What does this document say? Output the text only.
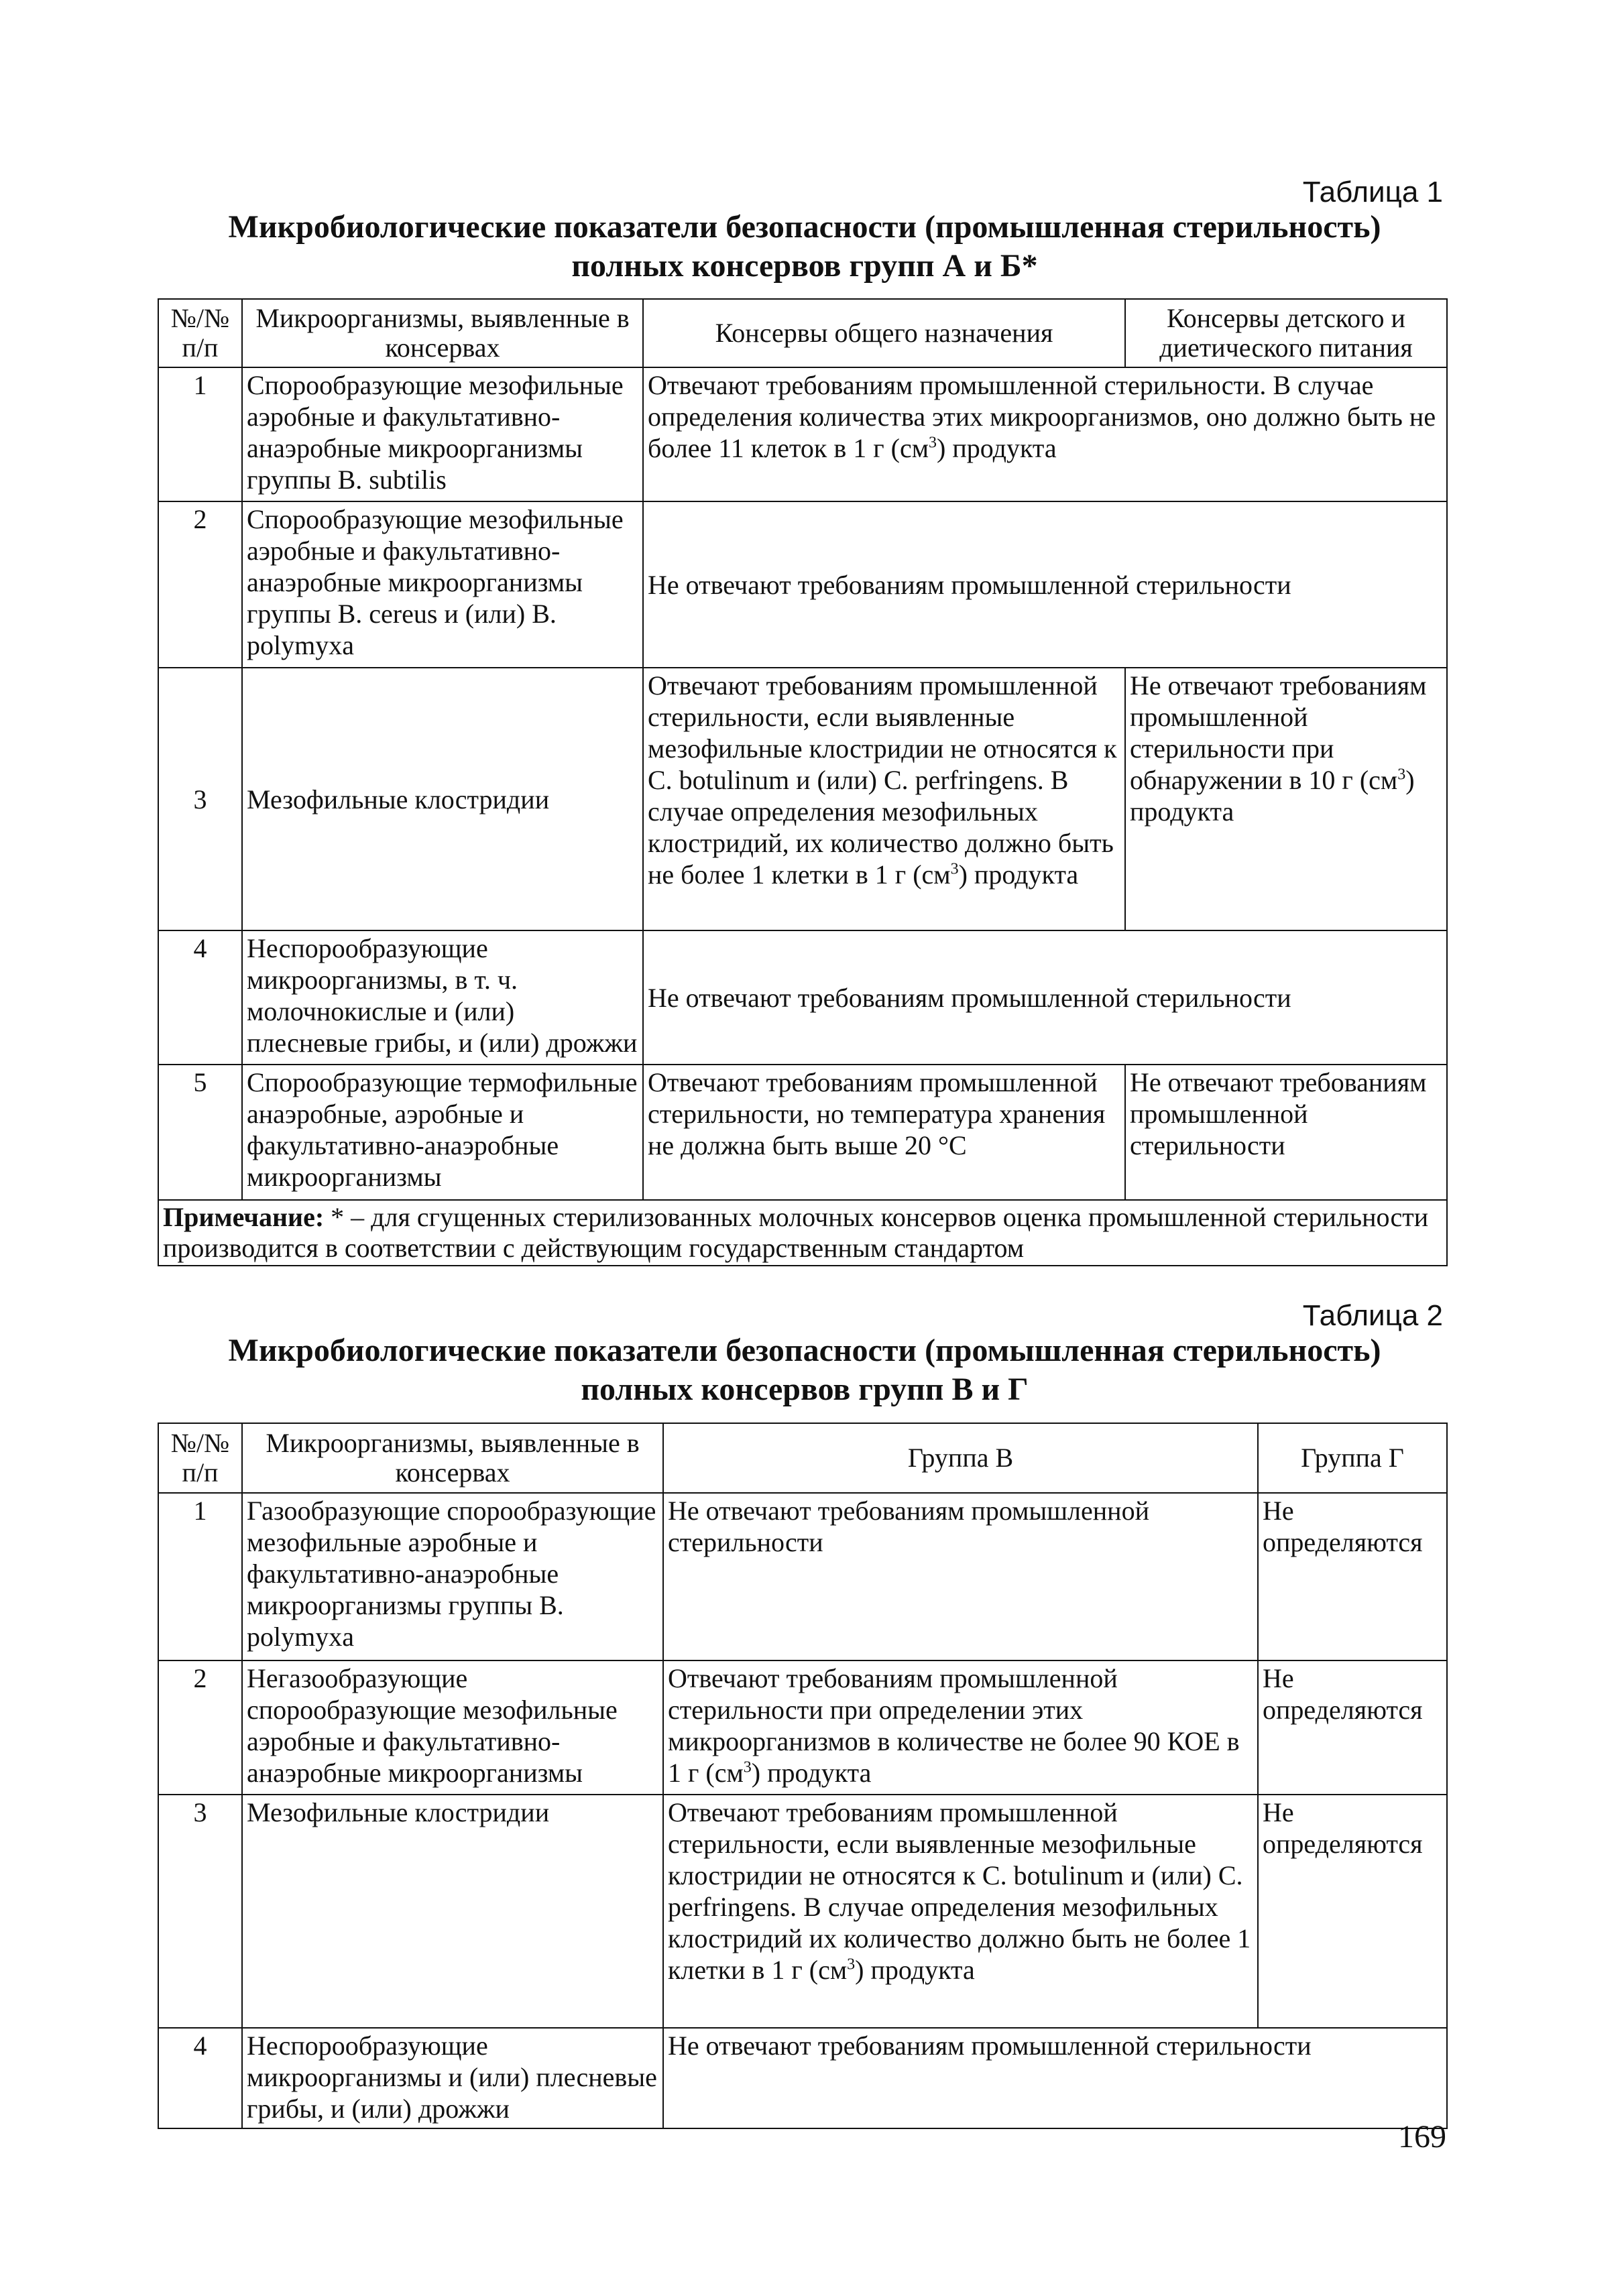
Таблица 1
Микробиологические показатели безопасности (промышленная стерильность)
полных консервов групп А и Б*
№/№ п/п	Микроорганизмы, выявленные в консервах	Консервы общего назначения	Консервы детского и диетического питания
1	Спорообразующие мезофильные аэробные и факультативно-анаэробные микроорганизмы группы B. subtilis	Отвечают требованиям промышленной стерильности. В случае определения количества этих микроорганизмов, оно должно быть не более 11 клеток в 1 г $(см^3)$ продукта	
2	Спорообразующие мезофильные аэробные и факультативно-анаэробные микроорганизмы группы B. cereus и (или) B. polymyxa	Не отвечают требованиям промышленной стерильности	
3	Мезофильные клостридии	Отвечают требованиям промышленной стерильности, если выявленные мезофильные клостридии не относятся к C. botulinum и (или) C. perfringens. В случае определения мезофильных клостридий, их количество должно быть не более 1 клетки в 1 г $(см^3)$ продукта	Не отвечают требованиям промышленной стерильности при обнаружении в 10 г $(см^3)$ продукта
4	Неспорообразующие микроорганизмы, в т. ч. молочнокислые и (или) плесневые грибы, и (или) дрожжи	Не отвечают требованиям промышленной стерильности	
5	Спорообразующие термофильные анаэробные, аэробные и факультативно-анаэробные микроорганизмы	Отвечают требованиям промышленной стерильности, но температура хранения не должна быть выше 20 °С	Не отвечают требованиям промышленной стерильности
Примечание: * – для сгущенных стерилизованных молочных консервов оценка промышленной стерильности производится в соответствии с действующим государственным стандартом			
Таблица 2
Микробиологические показатели безопасности (промышленная стерильность)
полных консервов групп В и Г
№/№ п/п	Микроорганизмы, выявленные в консервах	Группа В	Группа Г
1	Газообразующие спорообразующие мезофильные аэробные и факультативно-анаэробные микроорганизмы группы B. polymyxa	Не отвечают требованиям промышленной стерильности	Не определяются
2	Негазообразующие спорообразующие мезофильные аэробные и факультативно-анаэробные микроорганизмы	Отвечают требованиям промышленной стерильности при определении этих микроорганизмов в количестве не более 90 КОЕ в 1 г $(см^3)$ продукта	Не определяются
3	Мезофильные клостридии	Отвечают требованиям промышленной стерильности, если выявленные мезофильные клостридии не относятся к C. botulinum и (или) C. perfringens. В случае определения мезофильных клостридий их количество должно быть не более 1 клетки в 1 г $(см^3)$ продукта	Не определяются
4	Неспорообразующие микроорганизмы и (или) плесневые грибы, и (или) дрожжи	Не отвечают требованиям промышленной стерильности	
169
